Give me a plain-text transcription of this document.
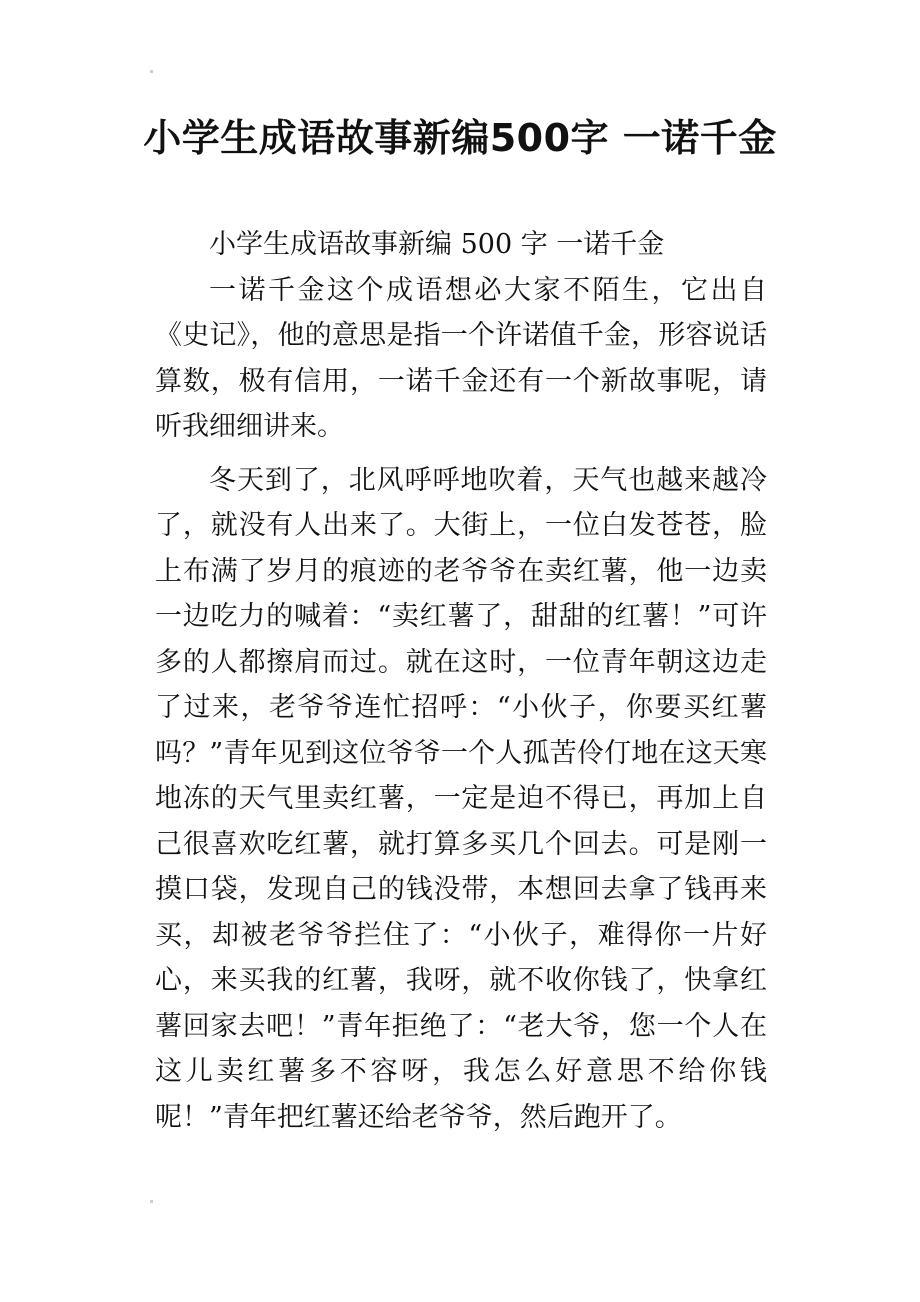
小学生成语故事新编500字 一诺千金

小学生成语故事新编 500 字 一诺千金

一诺千金这个成语想必大家不陌生，它出自《史记》，他的意思是指一个许诺值千金，形容说话算数，极有信用，一诺千金还有一个新故事呢，请听我细细讲来。

冬天到了，北风呼呼地吹着，天气也越来越冷了，就没有人出来了。大街上，一位白发苍苍，脸上布满了岁月的痕迹的老爷爷在卖红薯，他一边卖一边吃力的喊着：“卖红薯了，甜甜的红薯！”可许多的人都擦肩而过。就在这时，一位青年朝这边走了过来，老爷爷连忙招呼：“小伙子，你要买红薯吗？”青年见到这位爷爷一个人孤苦伶仃地在这天寒地冻的天气里卖红薯，一定是迫不得已，再加上自己很喜欢吃红薯，就打算多买几个回去。可是刚一摸口袋，发现自己的钱没带，本想回去拿了钱再来买，却被老爷爷拦住了：“小伙子，难得你一片好心，来买我的红薯，我呀，就不收你钱了，快拿红薯回家去吧！”青年拒绝了：“老大爷，您一个人在这儿卖红薯多不容呀，我怎么好意思不给你钱呢！”青年把红薯还给老爷爷，然后跑开了。
